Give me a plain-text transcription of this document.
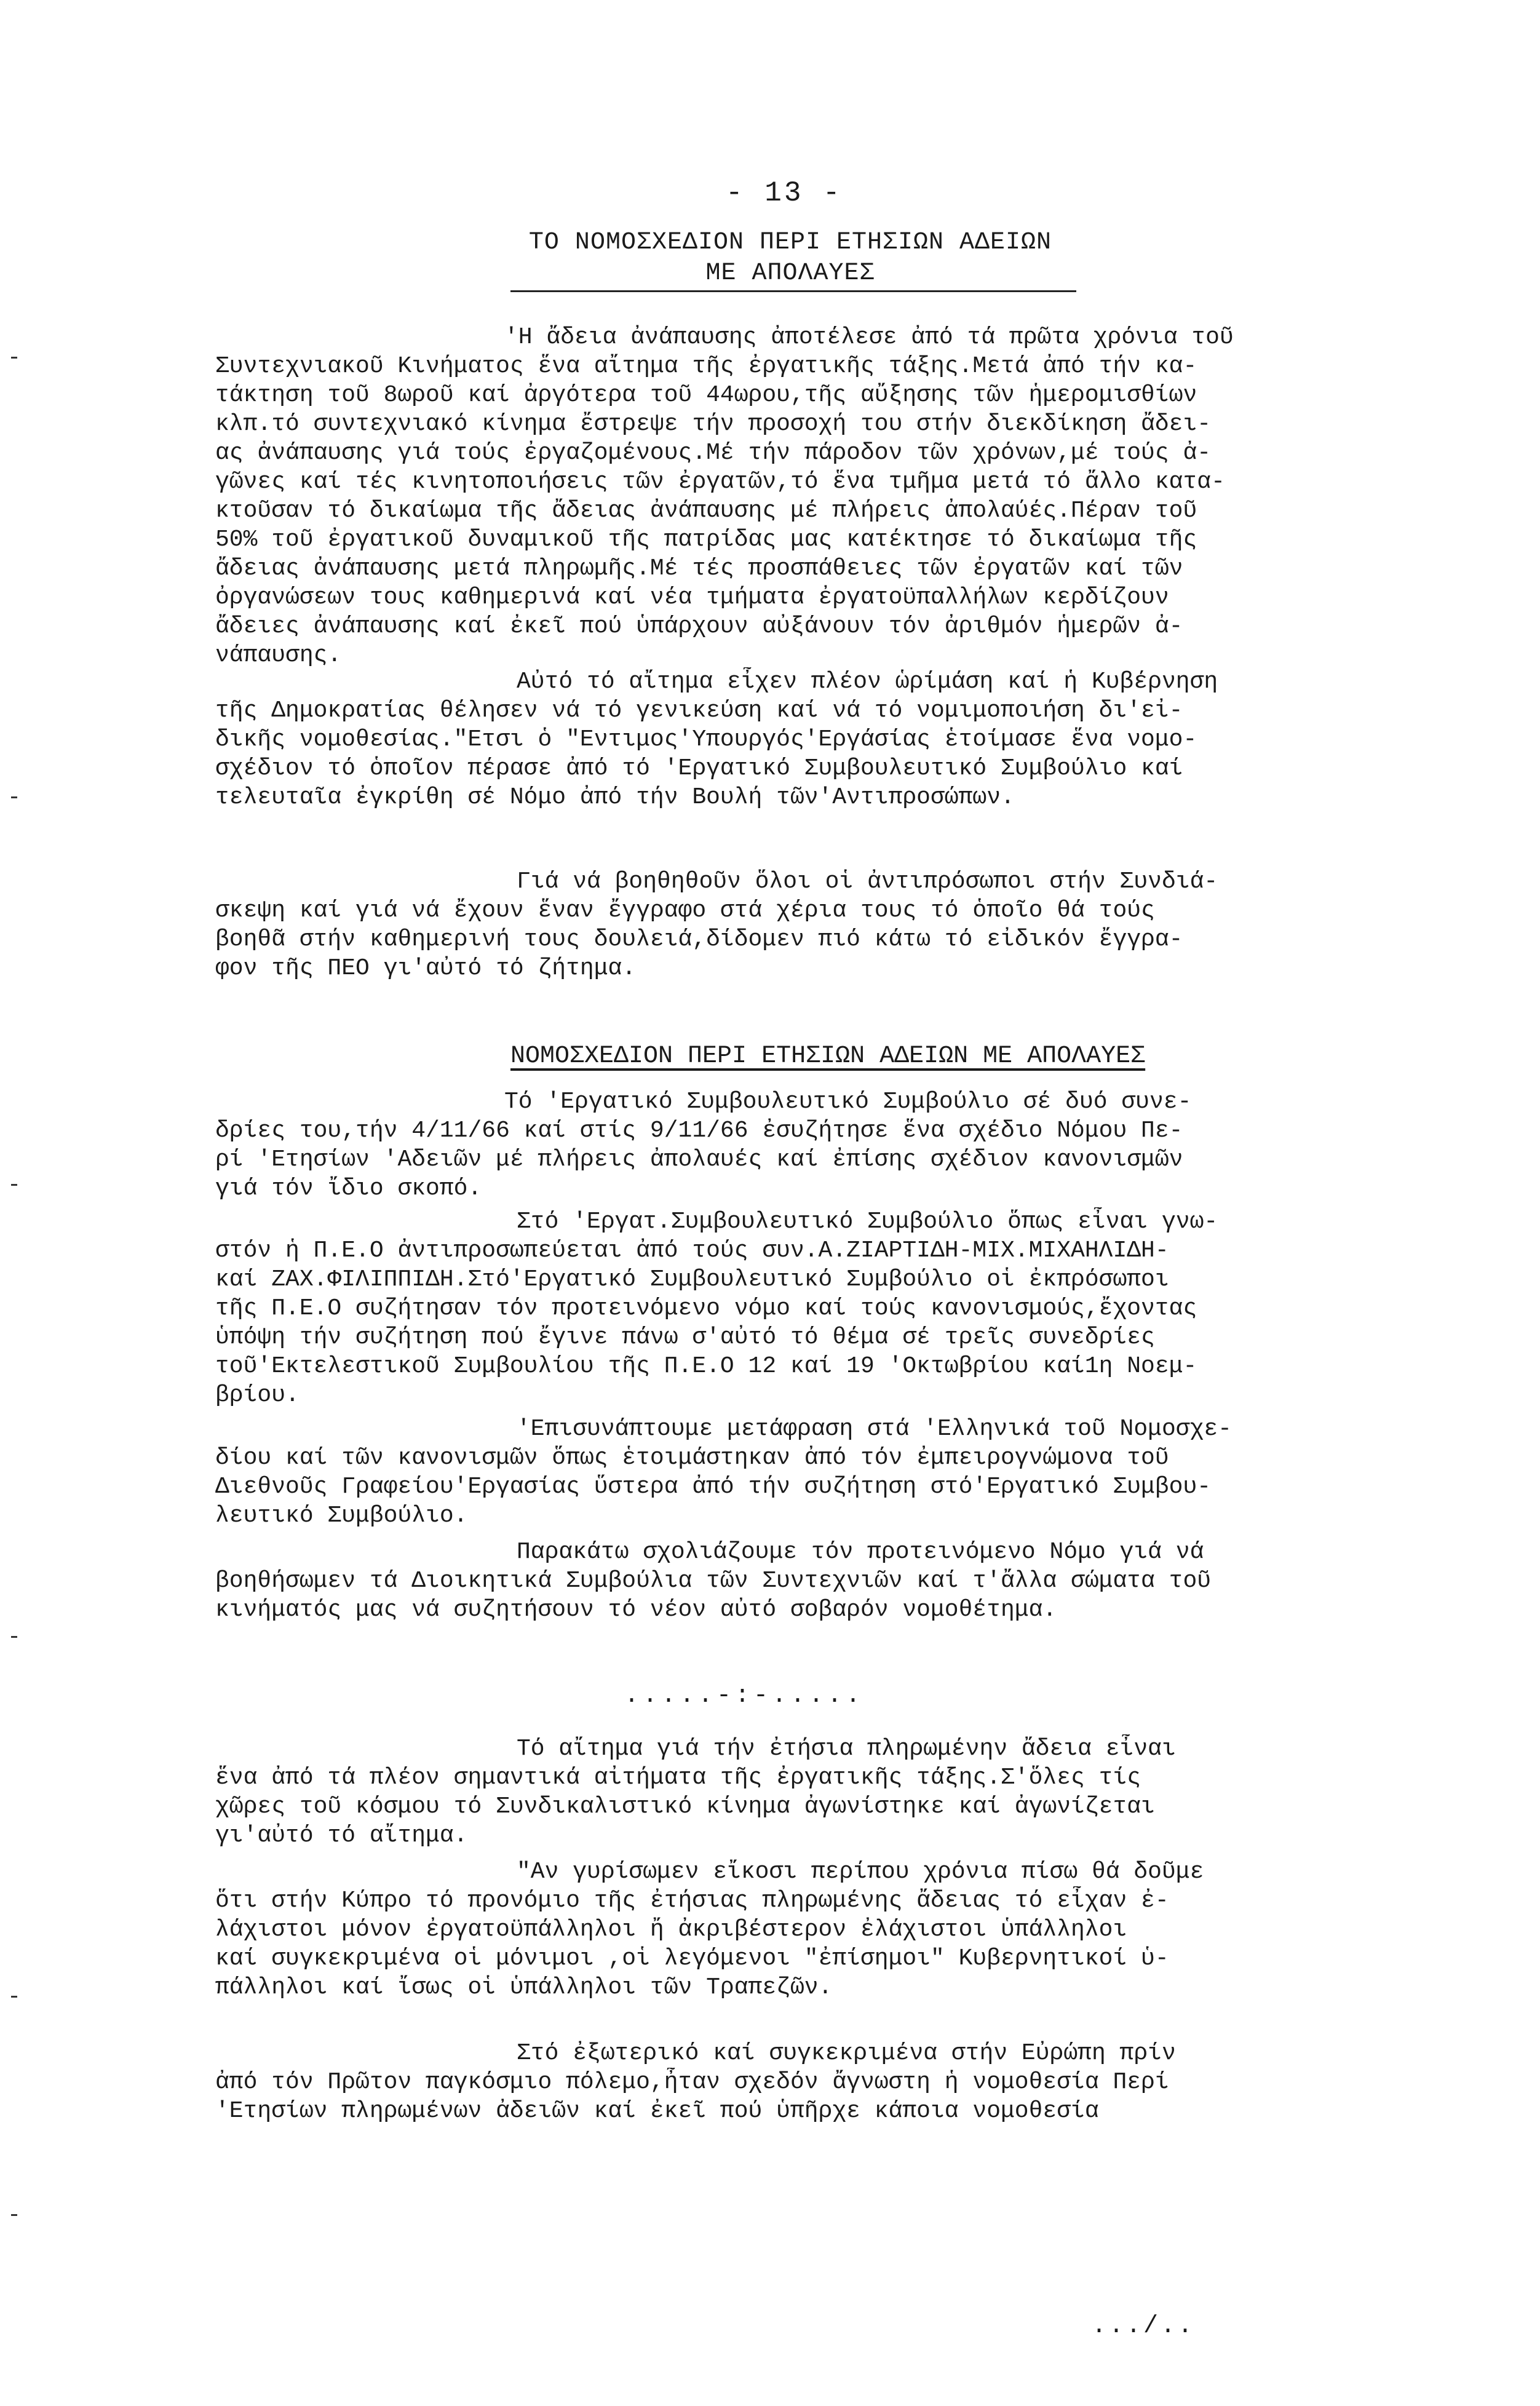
- 13 -
ΤΟ ΝΟΜΟΣΧΕΔΙΟΝ ΠΕΡΙ ΕΤΗΣΙΩΝ ΑΔΕΙΩΝ
ΜΕ ΑΠΟΛΑΥΕΣ
'Η ἄδεια ἀνάπαυσης ἀποτέλεσε ἀπό τά πρῶτα χρόνια τοῦ
Συντεχνιακοῦ Κινήματος ἕνα αἴτημα τῆς ἐργατικῆς τάξης.Μετά ἀπό τήν κα-
τάκτηση τοῦ 8ωροῦ καί ἀργότερα τοῦ 44ωρου,τῆς αὔξησης τῶν ἡμερομισθίων
κλπ.τό συντεχνιακό κίνημα ἔστρεψε τήν προσοχή του στήν διεκδίκηση ἄδει-
ας ἀνάπαυσης γιά τούς ἐργαζομένους.Μέ τήν πάροδον τῶν χρόνων,μέ τούς ἀ-
γῶνες καί τές κινητοποιήσεις τῶν ἐργατῶν,τό ἕνα τμῆμα μετά τό ἄλλο κατα-
κτοῦσαν τό δικαίωμα τῆς ἄδειας ἀνάπαυσης μέ πλήρεις ἀπολαύές.Πέραν τοῦ
50% τοῦ ἐργατικοῦ δυναμικοῦ τῆς πατρίδας μας κατέκτησε τό δικαίωμα τῆς
ἄδειας ἀνάπαυσης μετά πληρωμῆς.Μέ τές προσπάθειες τῶν ἐργατῶν καί τῶν
ὀργανώσεων τους καθημερινά καί νέα τμήματα ἐργατοϋπαλλήλων κερδίζουν
ἄδειες ἀνάπαυσης καί ἐκεῖ πού ὑπάρχουν αὐξάνουν τόν ἀριθμόν ἡμερῶν ἀ-
νάπαυσης.
Αὐτό τό αἴτημα εἶχεν πλέον ὡρίμάση καί ἡ Κυβέρνηση
τῆς Δημοκρατίας θέλησεν νά τό γενικεύση καί νά τό νομιμοποιήση δι'εἰ-
δικῆς νομοθεσίας."Ετσι ὁ "Εντιμος'Υπουργός'Εργάσίας ἑτοίμασε ἕνα νομο-
σχέδιον τό ὁποῖον πέρασε ἀπό τό 'Εργατικό Συμβουλευτικό Συμβούλιο καί
τελευταῖα ἐγκρίθη σέ Νόμο ἀπό τήν Βουλή τῶν'Αντιπροσώπων.
Γιά νά βοηθηθοῦν ὅλοι οἱ ἀντιπρόσωποι στήν Συνδιά-
σκεψη καί γιά νά ἔχουν ἕναν ἔγγραφο στά χέρια τους τό ὁποῖο θά τούς
βοηθᾶ στήν καθημερινή τους δουλειά,δίδομεν πιό κάτω τό εἰδικόν ἔγγρα-
φον τῆς ΠΕΟ γι'αὐτό τό ζήτημα.
ΝΟΜΟΣΧΕΔΙΟΝ ΠΕΡΙ ΕΤΗΣΙΩΝ ΑΔΕΙΩΝ ΜΕ ΑΠΟΛΑΥΕΣ
Τό 'Εργατικό Συμβουλευτικό Συμβούλιο σέ δυό συνε-
δρίες του,τήν 4/11/66 καί στίς 9/11/66 ἐσυζήτησε ἕνα σχέδιο Νόμου Πε-
ρί 'Ετησίων 'Αδειῶν μέ πλήρεις ἀπολαυές καί ἐπίσης σχέδιον κανονισμῶν
γιά τόν ἴδιο σκοπό.
Στό 'Εργατ.Συμβουλευτικό Συμβούλιο ὅπως εἶναι γνω-
στόν ἡ Π.Ε.Ο ἀντιπροσωπεύεται ἀπό τούς συν.Α.ΖΙΑΡΤΙΔΗ-ΜΙΧ.ΜΙΧΑΗΛΙΔΗ-
καί ΖΑΧ.ΦΙΛΙΠΠΙΔΗ.Στό'Εργατικό Συμβουλευτικό Συμβούλιο οἱ ἐκπρόσωποι
τῆς Π.Ε.Ο συζήτησαν τόν προτεινόμενο νόμο καί τούς κανονισμούς,ἔχοντας
ὑπόψη τήν συζήτηση πού ἔγινε πάνω σ'αὐτό τό θέμα σέ τρεῖς συνεδρίες
τοῦ'Εκτελεστικοῦ Συμβουλίου τῆς Π.Ε.Ο 12 καί 19 'Οκτωβρίου καί1η Νοεμ-
βρίου.
'Επισυνάπτουμε μετάφραση στά 'Ελληνικά τοῦ Νομοσχε-
δίου καί τῶν κανονισμῶν ὅπως ἑτοιμάστηκαν ἀπό τόν ἐμπειρογνώμονα τοῦ
Διεθνοῦς Γραφείου'Εργασίας ὕστερα ἀπό τήν συζήτηση στό'Εργατικό Συμβου-
λευτικό Συμβούλιο.
Παρακάτω σχολιάζουμε τόν προτεινόμενο Νόμο γιά νά
βοηθήσωμεν τά Διοικητικά Συμβούλια τῶν Συντεχνιῶν καί τ'ἄλλα σώματα τοῦ
κινήματός μας νά συζητήσουν τό νέον αὐτό σοβαρόν νομοθέτημα.
.....-:-.....
Τό αἴτημα γιά τήν ἐτήσια πληρωμένην ἄδεια εἶναι
ἕνα ἀπό τά πλέον σημαντικά αἰτήματα τῆς ἐργατικῆς τάξης.Σ'ὅλες τίς
χῶρες τοῦ κόσμου τό Συνδικαλιστικό κίνημα ἀγωνίστηκε καί ἀγωνίζεται
γι'αὐτό τό αἴτημα.
"Αν γυρίσωμεν εἴκοσι περίπου χρόνια πίσω θά δοῦμε
ὅτι στήν Κύπρο τό προνόμιο τῆς ἐτήσιας πληρωμένης ἄδειας τό εἶχαν ἐ-
λάχιστοι μόνον ἐργατοϋπάλληλοι ἤ ἀκριβέστερον ἐλάχιστοι ὑπάλληλοι
καί συγκεκριμένα οἱ μόνιμοι ,οἱ λεγόμενοι "ἐπίσημοι" Κυβερνητικοί ὑ-
πάλληλοι καί ἴσως οἱ ὑπάλληλοι τῶν Τραπεζῶν.
Στό ἐξωτερικό καί συγκεκριμένα στήν Εὐρώπη πρίν
ἀπό τόν Πρῶτον παγκόσμιο πόλεμο,ἦταν σχεδόν ἄγνωστη ἡ νομοθεσία Περί
'Ετησίων πληρωμένων ἀδειῶν καί ἐκεῖ πού ὑπῆρχε κάποια νομοθεσία
.../..
